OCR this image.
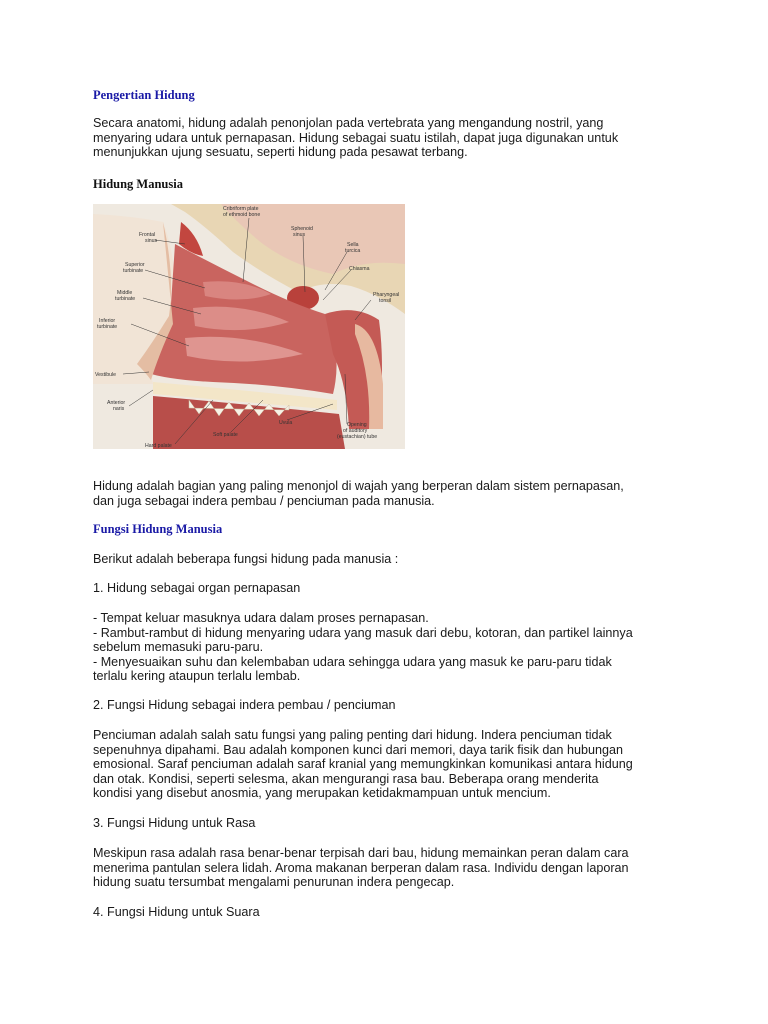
Pengertian Hidung
Secara anatomi, hidung adalah penonjolan pada vertebrata yang mengandung nostril, yang
menyaring udara untuk pernapasan. Hidung sebagai suatu istilah, dapat juga digunakan untuk
menunjukkan ujung sesuatu, seperti hidung pada pesawat terbang.
Hidung Manusia
Cribriform plate of ethmoid bone
Sphenoid sinus
Frontal sinus
Sella turcica
Superior turbinate	Chiasma
Middle turbinate
Pharyngeal tonsil
Inferior turbinate
Vestibule
Anterior naris
Uvula	Opening of auditory (eustachian) tube
Soft palate
Hard palate
Hidung adalah bagian yang paling menonjol di wajah yang berperan dalam sistem pernapasan,
dan juga sebagai indera pembau / penciuman pada manusia.
Fungsi Hidung Manusia
Berikut adalah beberapa fungsi hidung pada manusia :
1. Hidung sebagai organ pernapasan
- Tempat keluar masuknya udara dalam proses pernapasan.
- Rambut-rambut di hidung menyaring udara yang masuk dari debu, kotoran, dan partikel lainnya
sebelum memasuki paru-paru.
- Menyesuaikan suhu dan kelembaban udara sehingga udara yang masuk ke paru-paru tidak
terlalu kering ataupun terlalu lembab.
2. Fungsi Hidung sebagai indera pembau / penciuman
Penciuman adalah salah satu fungsi yang paling penting dari hidung. Indera penciuman tidak
sepenuhnya dipahami. Bau adalah komponen kunci dari memori, daya tarik fisik dan hubungan
emosional. Saraf penciuman adalah saraf kranial yang memungkinkan komunikasi antara hidung
dan otak. Kondisi, seperti selesma, akan mengurangi rasa bau. Beberapa orang menderita
kondisi yang disebut anosmia, yang merupakan ketidakmampuan untuk mencium.
3. Fungsi Hidung untuk Rasa
Meskipun rasa adalah rasa benar-benar terpisah dari bau, hidung memainkan peran dalam cara
menerima pantulan selera lidah. Aroma makanan berperan dalam rasa. Individu dengan laporan
hidung suatu tersumbat mengalami penurunan indera pengecap.
4. Fungsi Hidung untuk Suara
